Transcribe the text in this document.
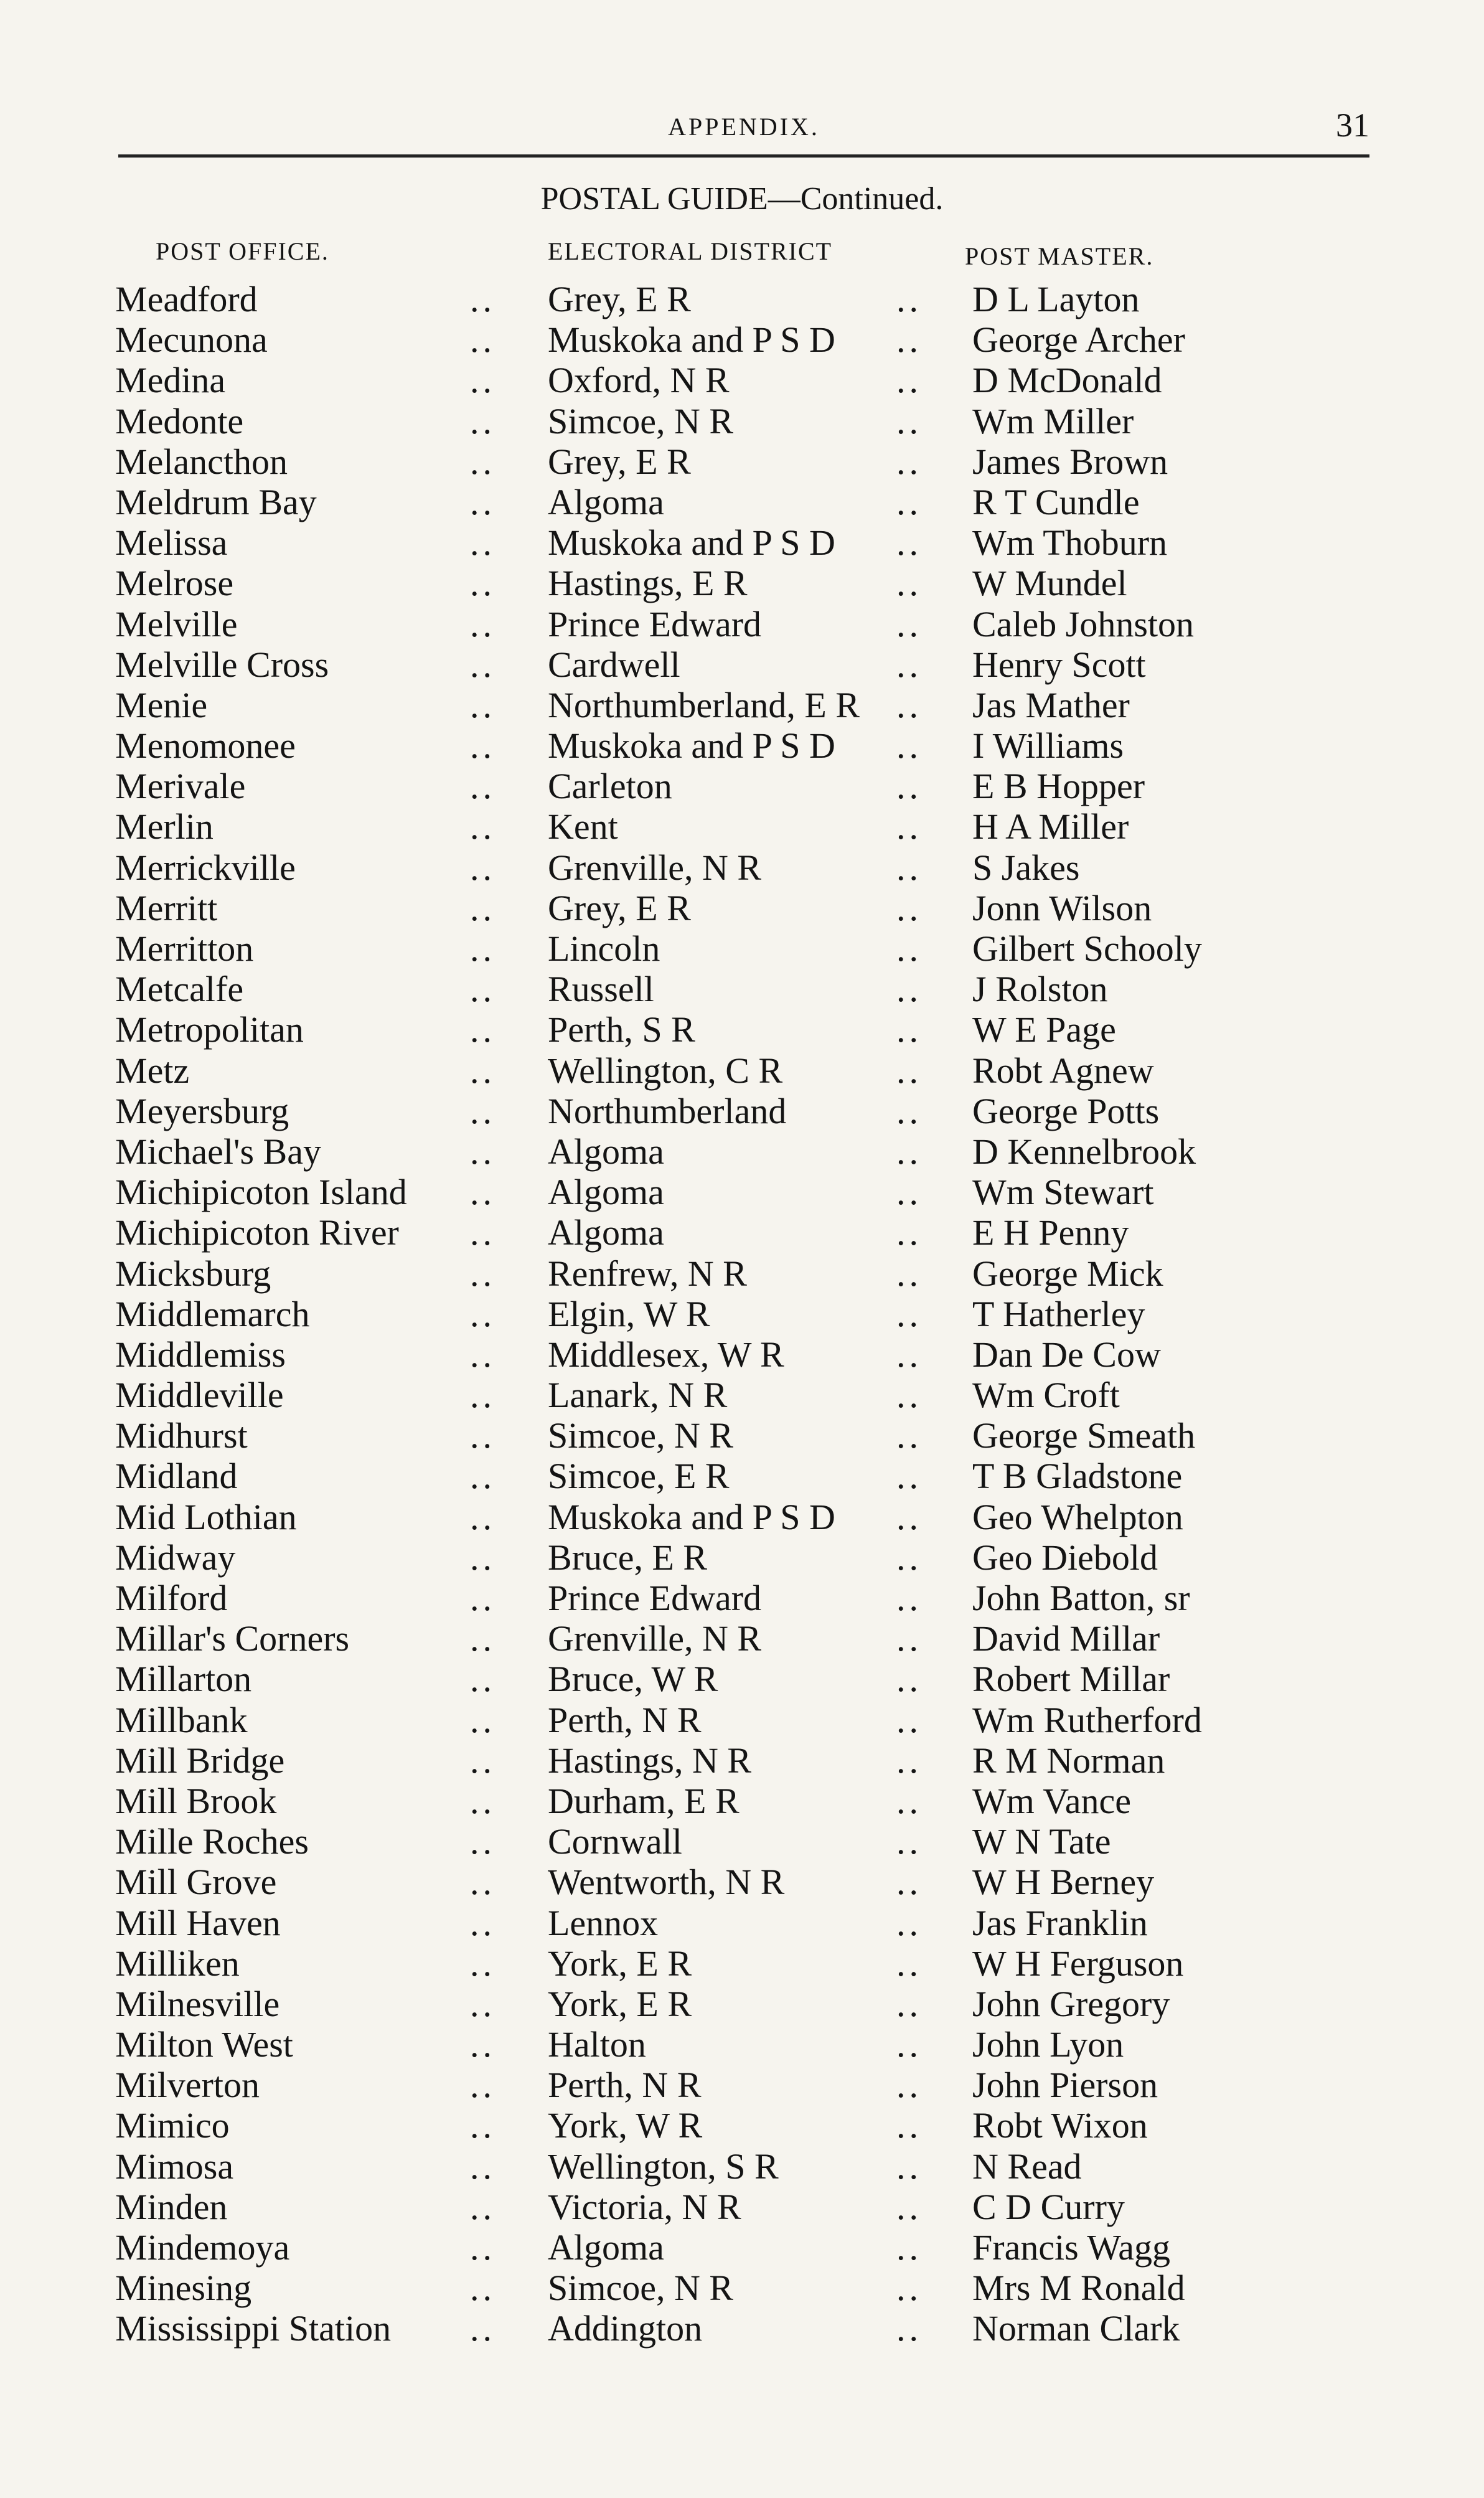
APPENDIX.	31
POSTAL GUIDE—Continued.
POST OFFICE.	ELECTORAL DISTRICT	POST MASTER.
Meadford	.. Grey, E R	.. D L Layton
Mecunona	.. Muskoka and P S D .. George Archer
Medina	.. Oxford, N R	.. D McDonald
Medonte	.. Simcoe, N R	.. Wm Miller
Melancthon	.. Grey, E R	.. James Brown
Meldrum Bay	.. Algoma	.. R T Cundle
Melissa	.. Muskoka and P S D .. Wm Thoburn
Melrose	.. Hastings, E R	.. W Mundel
Melville	.. Prince Edward	.. Caleb Johnston
Melville Cross	.. Cardwell	.. Henry Scott
Menie	.. Northumberland, E R .. Jas Mather
Menomonee	.. Muskoka and P S D .. I Williams
Merivale	.. Carleton	.. E B Hopper
Merlin	.. Kent	.. H A Miller
Merrickville	.. Grenville, N R	.. S Jakes
Merritt	.. Grey, E R	.. Jonn Wilson
Merritton	.. Lincoln	.. Gilbert Schooly
Metcalfe	.. Russell	.. J Rolston
Metropolitan	.. Perth, S R	.. W E Page
Metz	.. Wellington, C R	.. Robt Agnew
Meyersburg	.. Northumberland	.. George Potts
Michael's Bay	.. Algoma	.. D Kennelbrook
Michipicoton Island .. Algoma	.. Wm Stewart
Michipicoton River .. Algoma	.. E H Penny
Micksburg	.. Renfrew, N R	.. George Mick
Middlemarch	.. Elgin, W R	.. T Hatherley
Middlemiss	.. Middlesex, W R	.. Dan De Cow
Middleville	.. Lanark, N R	.. Wm Croft
Midhurst	.. Simcoe, N R	.. George Smeath
Midland	.. Simcoe, E R	.. T B Gladstone
Mid Lothian	.. Muskoka and P S D .. Geo Whelpton
Midway	.. Bruce, E R	.. Geo Diebold
Milford	.. Prince Edward	.. John Batton, sr
Millar's Corners	.. Grenville, N R	.. David Millar
Millarton	.. Bruce, W R	.. Robert Millar
Millbank	.. Perth, N R	.. Wm Rutherford
Mill Bridge	.. Hastings, N R	.. R M Norman
Mill Brook	.. Durham, E R	.. Wm Vance
Mille Roches	.. Cornwall	.. W N Tate
Mill Grove	.. Wentworth, N R	.. W H Berney
Mill Haven	.. Lennox	.. Jas Franklin
Milliken	.. York, E R	.. W H Ferguson
Milnesville	.. York, E R	.. John Gregory
Milton West	.. Halton	.. John Lyon
Milverton	.. Perth, N R	.. John Pierson
Mimico	.. York, W R	.. Robt Wixon
Mimosa	.. Wellington, S R	.. N Read
Minden	.. Victoria, N R	.. C D Curry
Mindemoya	.. Algoma	.. Francis Wagg
Minesing	.. Simcoe, N R	.. Mrs M Ronald
Mississippi Station .. Addington	.. Norman Clark
